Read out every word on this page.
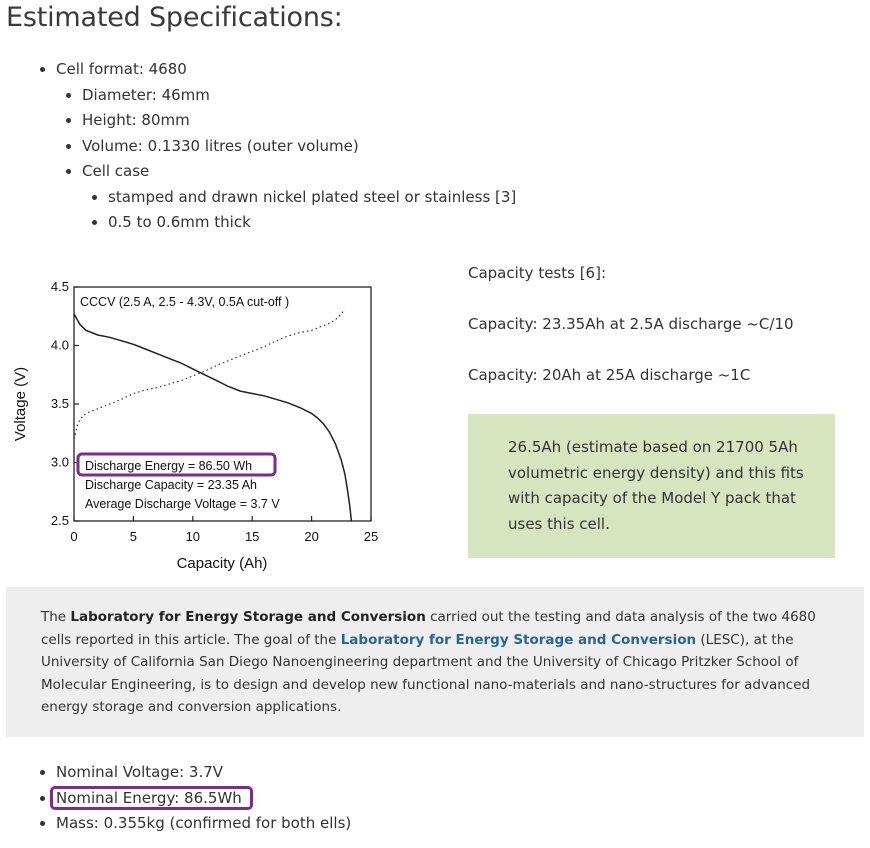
Estimated Specifications:
• Cell format: 4680
• Diameter: 46mm
• Height: 80mm
• Volume: 0.1330 litres (outer volume)
• Cell case
• stamped and drawn nickel plated steel or stainless [3]
• 0.5 to 0.6mm thick
0	5	10	15	20	25
2.5
3.0
3.5
4.0
4.5
CCCV (2.5 A, 2.5 - 4.3V, 0.5A cut-off )
Discharge Energy = 86.50 Wh
Discharge Capacity = 23.35 Ah
Average Discharge Voltage = 3.7 V
Capacity (Ah)
Voltage (V)
Capacity tests [6]:
Capacity: 23.35Ah at 2.5A discharge ~C/10
Capacity: 20Ah at 25A discharge ~1C
26.5Ah (estimate based on 21700 5Ah volumetric energy density) and this fits with capacity of the Model Y pack that uses this cell.
The Laboratory for Energy Storage and Conversion carried out the testing and data analysis of the two 4680 cells reported in this article. The goal of the Laboratory for Energy Storage and Conversion (LESC), at the University of California San Diego Nanoengineering department and the University of Chicago Pritzker School of Molecular Engineering, is to design and develop new functional nano-materials and nano-structures for advanced energy storage and conversion applications.
• Nominal Voltage: 3.7V
• Nominal Energy: 86.5Wh
• Mass: 0.355kg (confirmed for both ells)
